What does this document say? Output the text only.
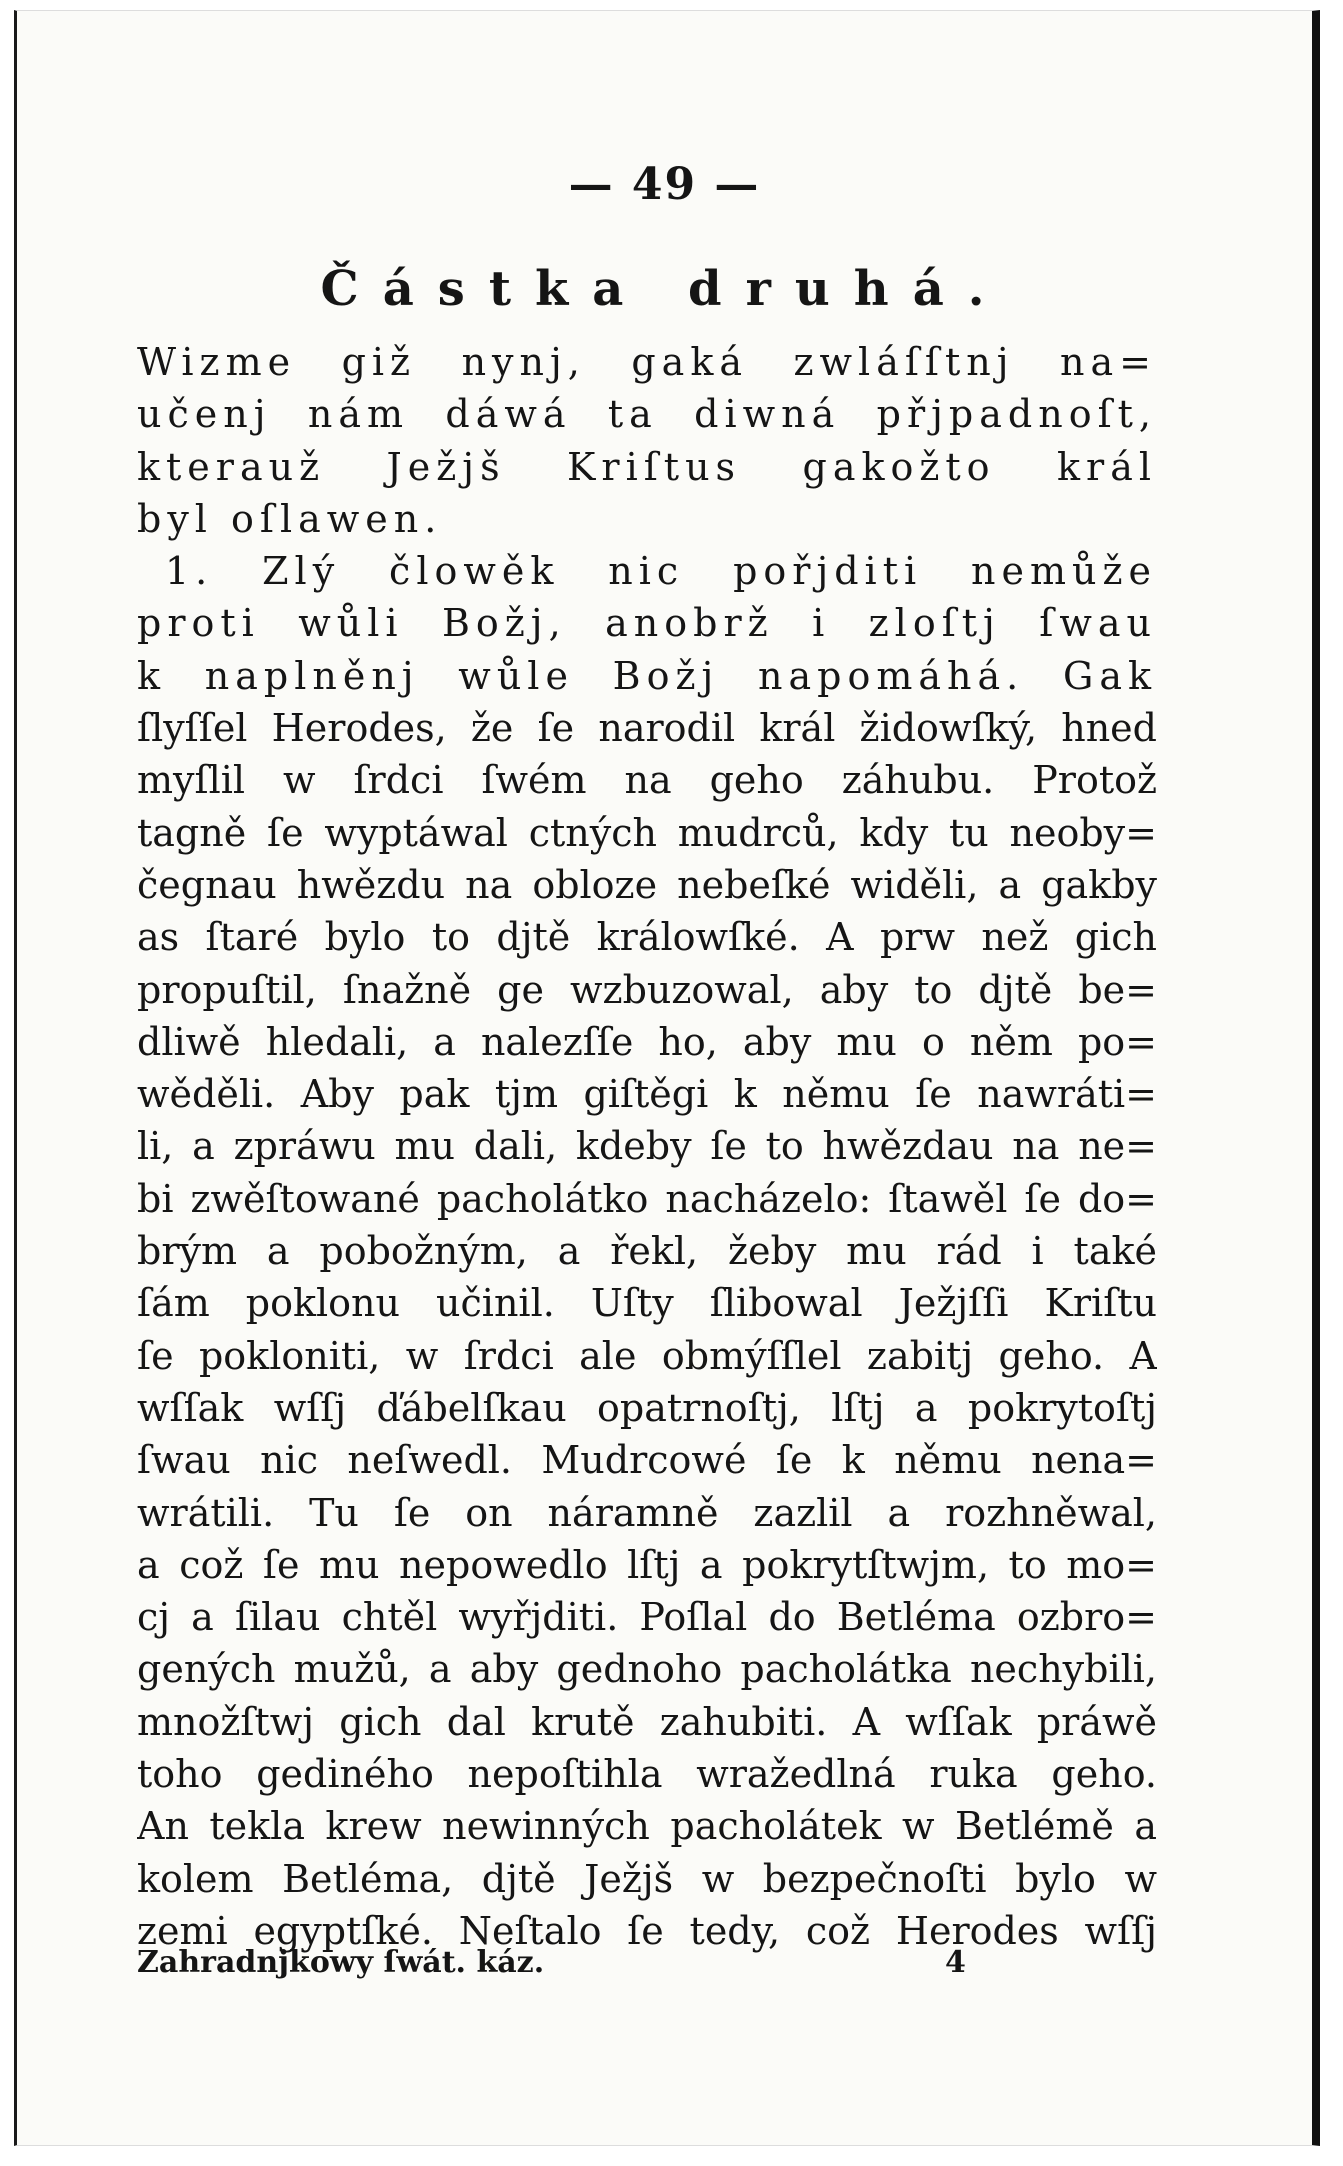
— 49 —
Částka druhá.
Wizme giž nynj, gaká zwláſſtnj na=
učenj nám dáwá ta diwná přjpadnoſt,
kterauž Ježjš Kriſtus gakožto král
byl oſlawen.
1. Zlý člowěk nic pořjditi nemůže
proti wůli Božj, anobrž i zloſtj ſwau
k naplněnj wůle Božj napomáhá. Gak
ſlyſſel Herodes, že ſe narodil král židowſký, hned
myſlil w ſrdci ſwém na geho záhubu. Protož
tagně ſe wyptáwal ctných mudrců, kdy tu neoby=
čegnau hwězdu na obloze nebeſké widěli, a gakby
as ſtaré bylo to djtě králowſké. A prw než gich
propuſtil, ſnažně ge wzbuzowal, aby to djtě be=
dliwě hledali, a nalezſſe ho, aby mu o něm po=
wěděli. Aby pak tjm giſtěgi k němu ſe nawráti=
li, a zpráwu mu dali, kdeby ſe to hwězdau na ne=
bi zwěſtowané pacholátko nacházelo: ſtawěl ſe do=
brým a pobožným, a řekl, žeby mu rád i také
ſám poklonu učinil. Uſty ſlibowal Ježjſſi Kriſtu
ſe pokloniti, w ſrdci ale obmýſſlel zabitj geho. A
wſſak wſſj ďábelſkau opatrnoſtj, lſtj a pokrytoſtj
ſwau nic neſwedl. Mudrcowé ſe k němu nena=
wrátili. Tu ſe on náramně zazlil a rozhněwal,
a což ſe mu nepowedlo lſtj a pokrytſtwjm, to mo=
cj a ſilau chtěl wyřjditi. Poſlal do Betléma ozbro=
gených mužů, a aby gednoho pacholátka nechybili,
množſtwj gich dal krutě zahubiti. A wſſak práwě
toho gediného nepoſtihla wražedlná ruka geho.
An tekla krew newinných pacholátek w Betlémě a
kolem Betléma, djtě Ježjš w bezpečnoſti bylo w
zemi egyptſké. Neſtalo ſe tedy, což Herodes wſſj
Zahradnjkowy ſwát. káz.	4
